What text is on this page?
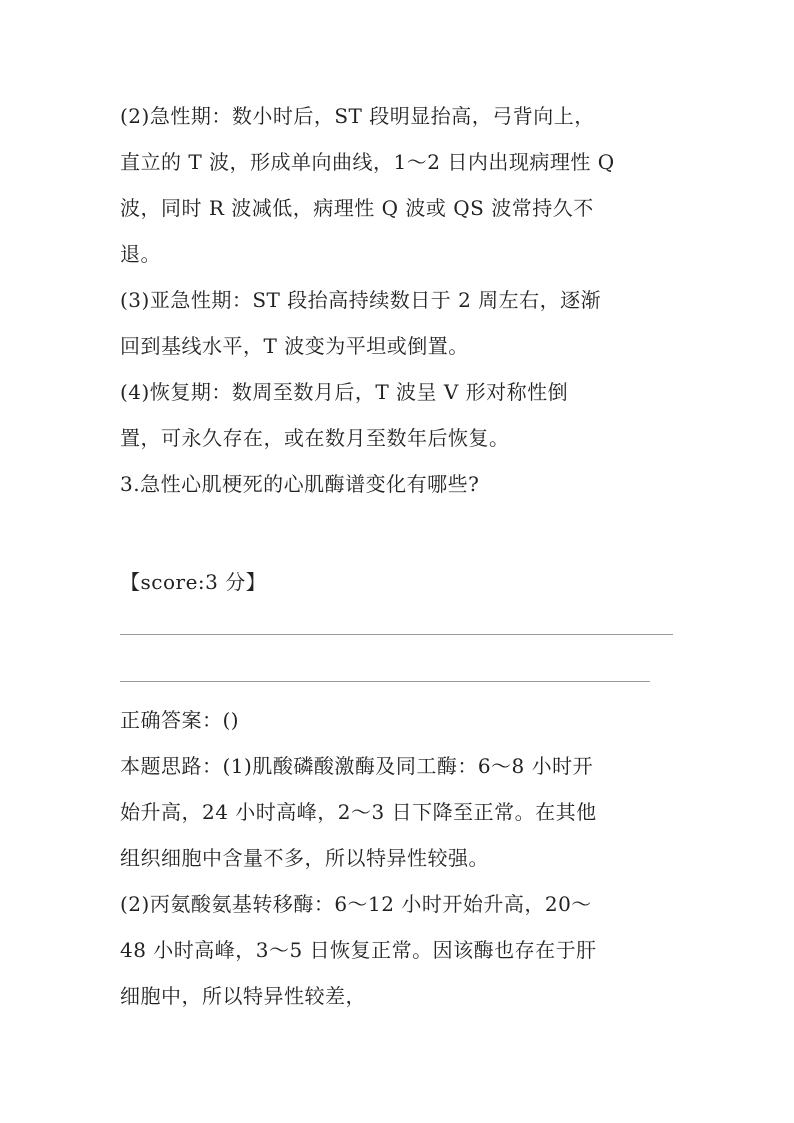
(2)急性期：数小时后，ST 段明显抬高，弓背向上，
直立的 T 波，形成单向曲线，1～2 日内出现病理性 Q
波，同时 R 波减低，病理性 Q 波或 QS 波常持久不
退。
(3)亚急性期：ST 段抬高持续数日于 2 周左右，逐渐
回到基线水平，T 波变为平坦或倒置。
(4)恢复期：数周至数月后，T 波呈 V 形对称性倒
置，可永久存在，或在数月至数年后恢复。
3.急性心肌梗死的心肌酶谱变化有哪些?
【score:3 分】
正确答案：()
本题思路：(1)肌酸磷酸激酶及同工酶：6～8 小时开
始升高，24 小时高峰，2～3 日下降至正常。在其他
组织细胞中含量不多，所以特异性较强。
(2)丙氨酸氨基转移酶：6～12 小时开始升高，20～
48 小时高峰，3～5 日恢复正常。因该酶也存在于肝
细胞中，所以特异性较差，
